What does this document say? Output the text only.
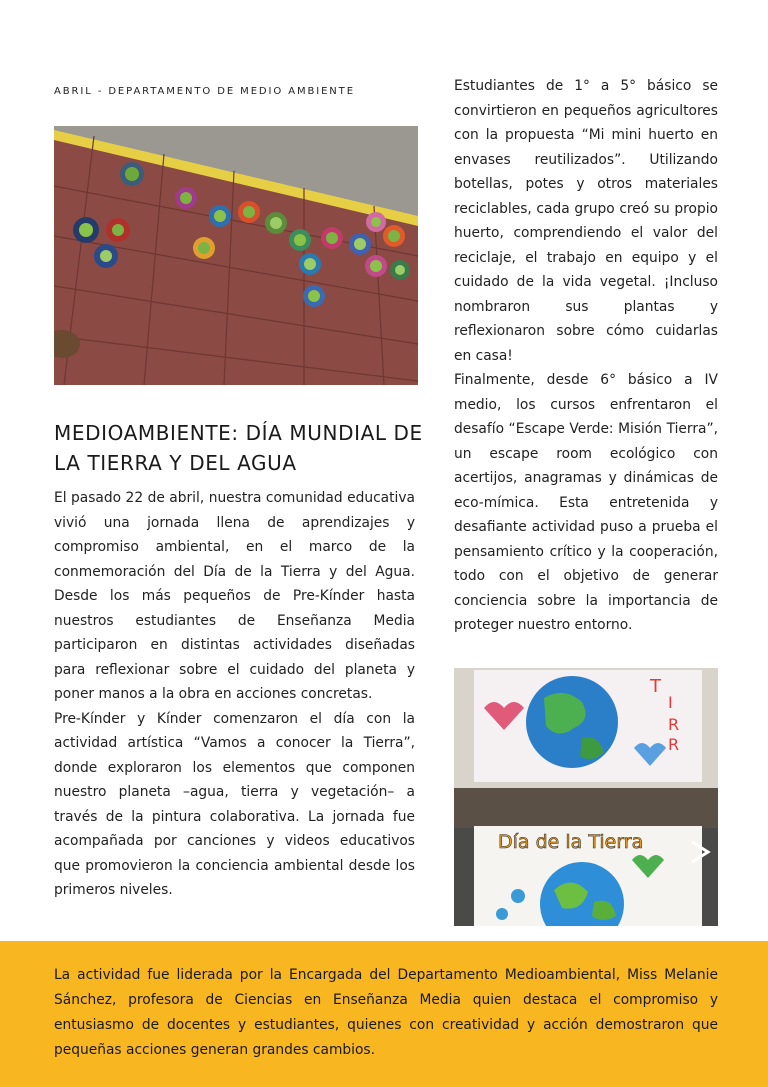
ABRIL - DEPARTAMENTO DE MEDIO AMBIENTE
MEDIOAMBIENTE: DÍA MUNDIAL DE LA TIERRA Y DEL AGUA

El pasado 22 de abril, nuestra comunidad educativa vivió una jornada llena de aprendizajes y compromiso ambiental, en el marco de la conmemoración del Día de la Tierra y del Agua. Desde los más pequeños de Pre-Kínder hasta nuestros estudiantes de Enseñanza Media participaron en distintas actividades diseñadas para reflexionar sobre el cuidado del planeta y poner manos a la obra en acciones concretas.

Pre-Kínder y Kínder comenzaron el día con la actividad artística “Vamos a conocer la Tierra”, donde exploraron los elementos que componen nuestro planeta –agua, tierra y vegetación– a través de la pintura colaborativa. La jornada fue acompañada por canciones y videos educativos que promovieron la conciencia ambiental desde los primeros niveles.

Estudiantes de 1° a 5° básico se convirtieron en pequeños agricultores con la propuesta “Mi mini huerto en envases reutilizados”. Utilizando botellas, potes y otros materiales reciclables, cada grupo creó su propio huerto, comprendiendo el valor del reciclaje, el trabajo en equipo y el cuidado de la vida vegetal. ¡Incluso nombraron sus plantas y reflexionaron sobre cómo cuidarlas en casa!

Finalmente, desde 6° básico a IV medio, los cursos enfrentaron el desafío “Escape Verde: Misión Tierra”, un escape room ecológico con acertijos, anagramas y dinámicas de eco-mímica. Esta entretenida y desafiante actividad puso a prueba el pensamiento crítico y la cooperación, todo con el objetivo de generar conciencia sobre la importancia de proteger nuestro entorno.

T
I
R
R
Día de la Tierra

La actividad fue liderada por la Encargada del Departamento Medioambiental, Miss Melanie Sánchez, profesora de Ciencias en Enseñanza Media quien destaca el compromiso y entusiasmo de docentes y estudiantes, quienes con creatividad y acción demostraron que pequeñas acciones generan grandes cambios.
